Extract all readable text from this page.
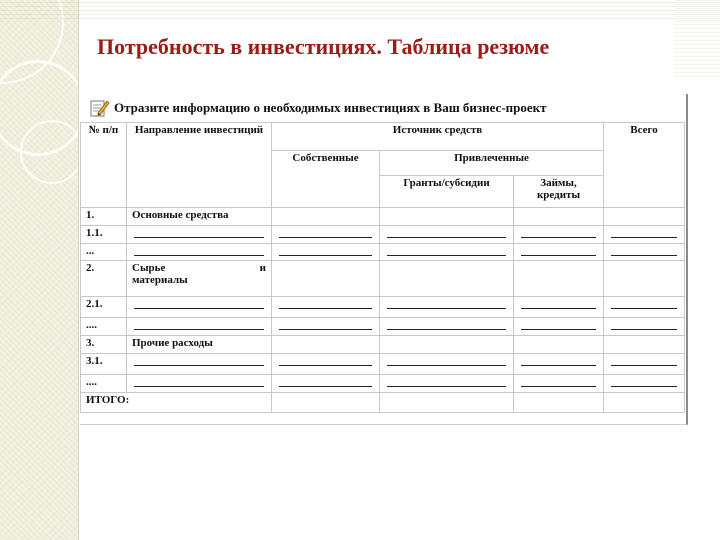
Потребность в инвестициях. Таблица резюме
Отразите информацию о необходимых инвестициях в Ваш бизнес-проект
№ п/п	Направление инвестиций	Источник средств			Всего
		Собственные	Привлеченные		
			Гранты/субсидии	Займы, кредиты	
1.	Основные средства				
1.1.	

...	

2.	Сырье и
материалы				

2.1.	

....	

3.	Прочие расходы				
3.1.	

....	

ИТОГО:					
